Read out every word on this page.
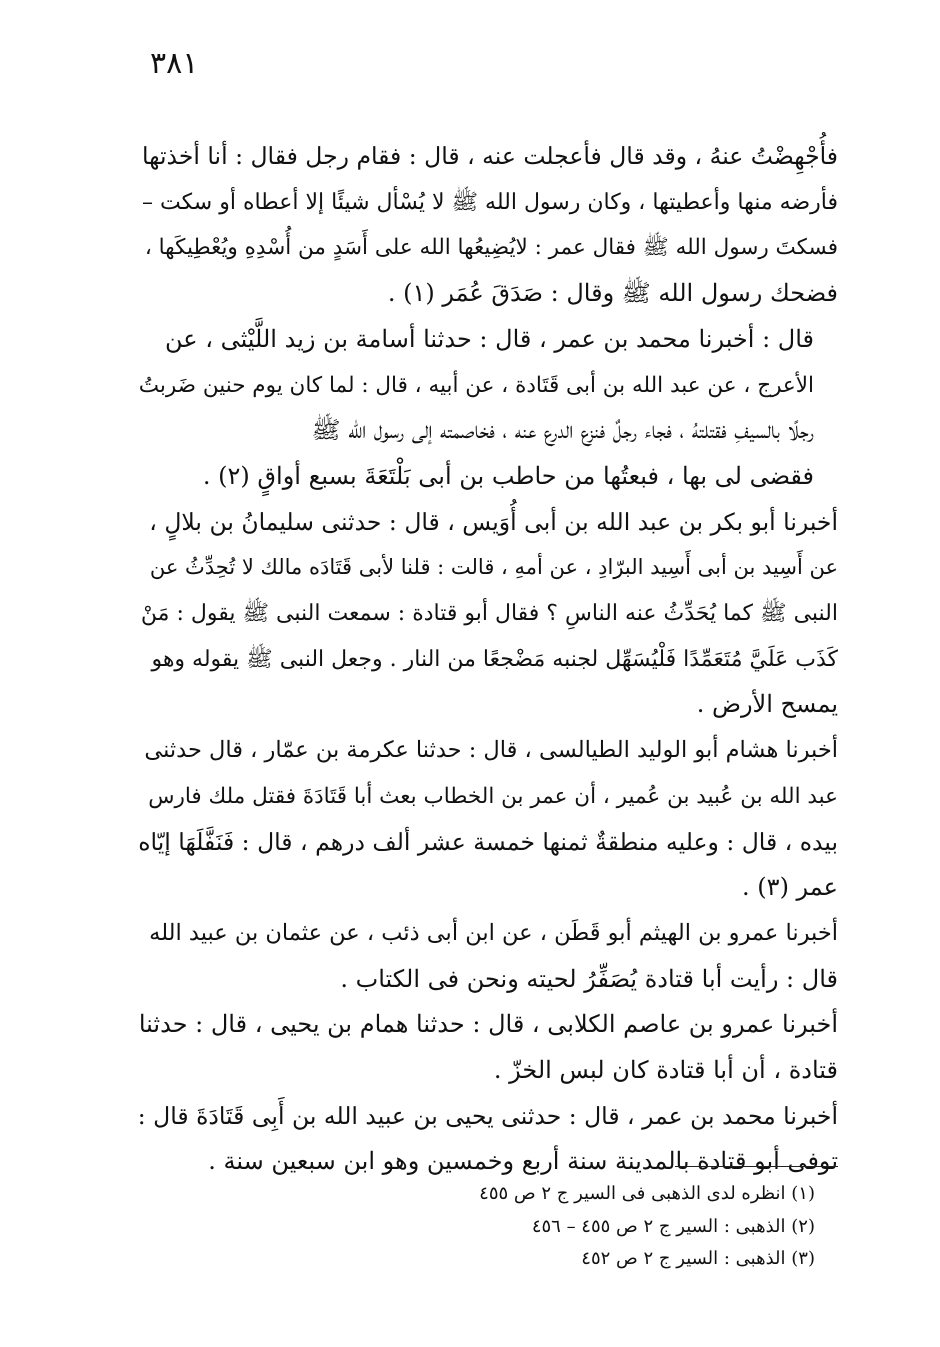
٣٨١

فأُجْهِضْتُ عنهُ ، وقد قال فأعجلت عنه ، قال : فقام رجل فقال : أنا أخذتها
فأرضه منها وأعطيتها ، وكان رسول الله ﷺ لا يُسْأل شيئًا إلا أعطاه أو سكت –
فسكتَ رسول الله ﷺ فقال عمر : لايُضِيعُها الله على أَسَدٍ من أُسْدِهِ ويُعْطِيكَها ،
فضحك رسول الله ﷺ وقال : صَدَقَ عُمَر (١) .

قال : أخبرنا محمد بن عمر ، قال : حدثنا أسامة بن زيد اللَّيْثى ، عن
الأعرج ، عن عبد الله بن أبى قَتَادة ، عن أبيه ، قال : لما كان يوم حنين ضَربتُ
رجلًا بالسيفِ فقتلتهُ ، فجاء رجلٌ فنزع الدرع عنه ، فخاصمته إلى رسول الله ﷺ
فقضى لى بها ، فبعتُها من حاطب بن أبى بَلْتَعَةَ بسبع أواقٍ (٢) .

أخبرنا أبو بكر بن عبد الله بن أبى أُوَيس ، قال : حدثنى سليمانُ بن بلالٍ ،
عن أَسِيد بن أبى أَسِيد البرّادِ ، عن أمهِ ، قالت : قلنا لأبى قَتَادَه مالك لا تُحِدِّثُ عن
النبى ﷺ كما يُحَدِّثُ عنه الناسِ ؟ فقال أبو قتادة : سمعت النبى ﷺ يقول : مَنْ
كَذَب عَلَيَّ مُتَعَمِّدًا فَلْيُسَهِّل لجنبه مَضْجعًا من النار . وجعل النبى ﷺ يقوله وهو
يمسح الأرض .

أخبرنا هشام أبو الوليد الطيالسى ، قال : حدثنا عكرمة بن عمّار ، قال حدثنى
عبد الله بن عُبيد بن عُمير ، أن عمر بن الخطاب بعث أبا قَتَادَةَ فقتل ملك فارس
بيده ، قال : وعليه منطقةٌ ثمنها خمسة عشر ألف درهم ، قال : فَنَفَّلَهَا إيّاه
عمر (٣) .

أخبرنا عمرو بن الهيثم أبو قَطَن ، عن ابن أبى ذئب ، عن عثمان بن عبيد الله
قال : رأيت أبا قتادة يُصَفِّرُ لحيته ونحن فى الكتاب .

أخبرنا عمرو بن عاصم الكلابى ، قال : حدثنا همام بن يحيى ، قال : حدثنا
قتادة ، أن أبا قتادة كان لبس الخزّ .

أخبرنا محمد بن عمر ، قال : حدثنى يحيى بن عبيد الله بن أَبِى قَتَادَةَ قال :
توفى أبو قتادة بالمدينة سنة أربع وخمسين وهو ابن سبعين سنة .

(١) انظره لدى الذهبى فى السير ج ٢ ص ٤٥٥
(٢) الذهبى : السير ج ٢ ص ٤٥٥ – ٤٥٦
(٣) الذهبى : السير ج ٢ ص ٤٥٢
